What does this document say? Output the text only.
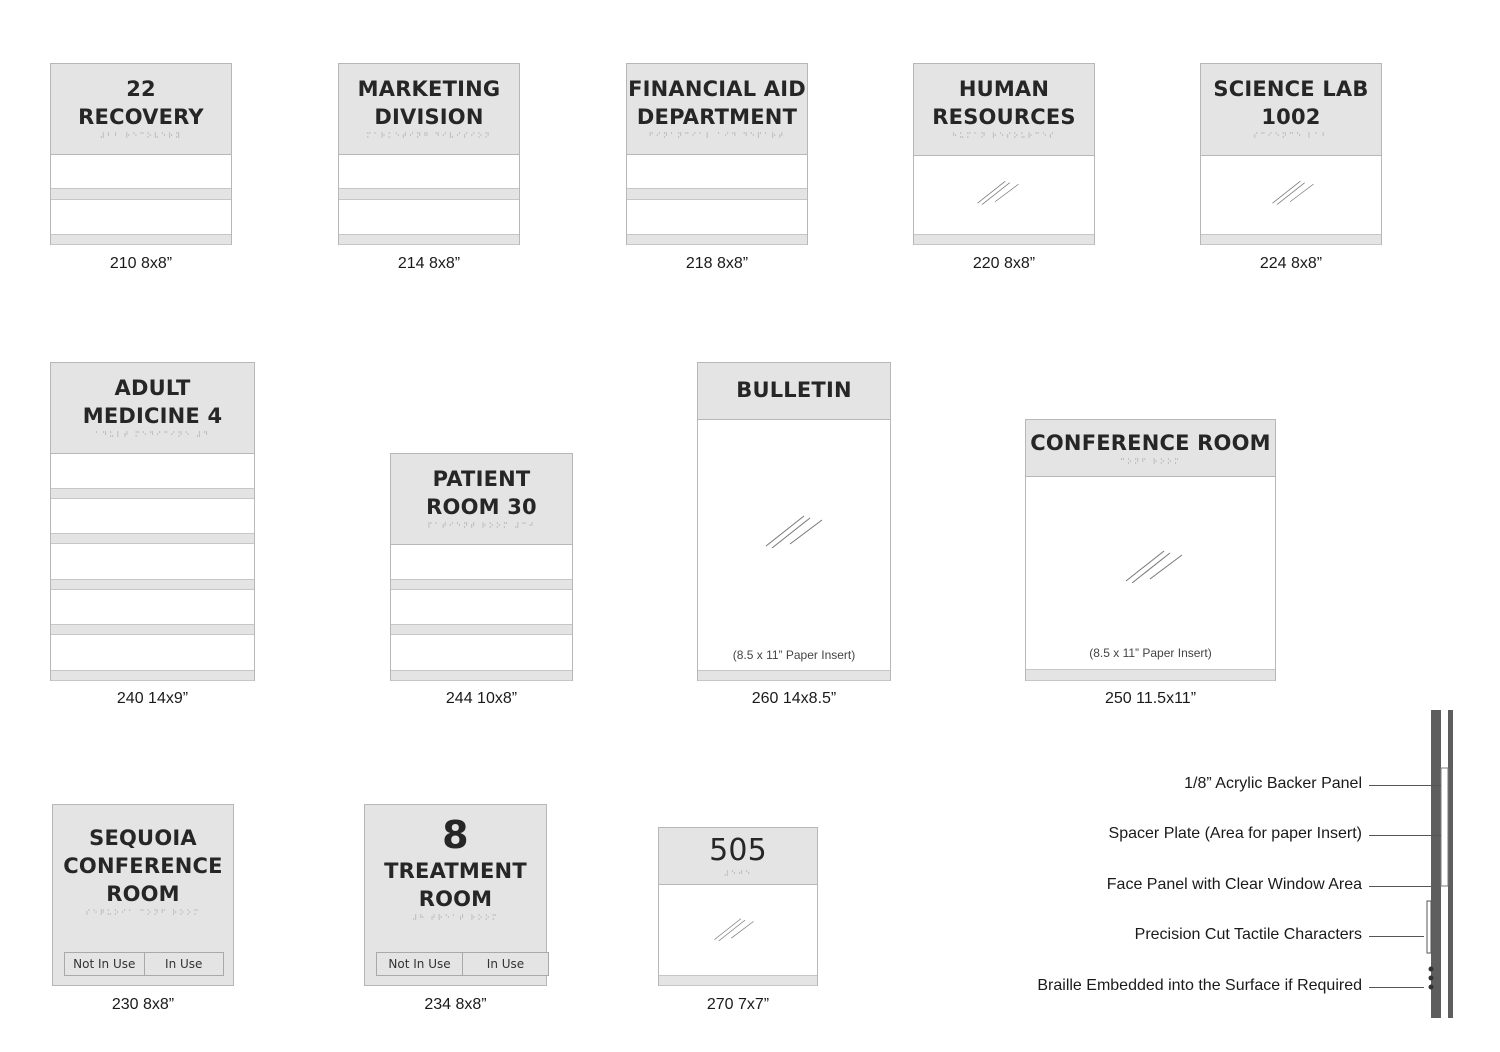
22
RECOVERY
⠼⠃⠃ ⠗⠑⠉⠕⠧⠑⠗⠽
210 8x8”
MARKETING
DIVISION
⠍⠁⠗⠅⠑⠞⠊⠝⠛ ⠙⠊⠧⠊⠎⠊⠕⠝
214 8x8”
FINANCIAL AID
DEPARTMENT
⠋⠊⠝⠁⠝⠉⠊⠁⠇ ⠁⠊⠙ ⠙⠑⠏⠁⠗⠞
218 8x8”
HUMAN
RESOURCES
⠓⠥⠍⠁⠝ ⠗⠑⠎⠕⠥⠗⠉⠑⠎
220 8x8”
SCIENCE LAB
1002
⠎⠉⠊⠑⠝⠉⠑ ⠇⠁⠃
224 8x8”
ADULT
MEDICINE 4
⠁⠙⠥⠇⠞ ⠍⠑⠙⠊⠉⠊⠝⠑ ⠼⠙
240 14x9”
PATIENT
ROOM 30
⠏⠁⠞⠊⠑⠝⠞ ⠗⠕⠕⠍ ⠼⠉⠚
244 10x8”
BULLETIN
(8.5 x 11” Paper Insert)
260 14x8.5”
CONFERENCE ROOM
⠉⠕⠝⠋ ⠗⠕⠕⠍
(8.5 x 11” Paper Insert)
250 11.5x11”
SEQUOIA
CONFERENCE
ROOM
⠎⠑⠟⠥⠕⠊⠁ ⠉⠕⠝⠋ ⠗⠕⠕⠍
Not In Use	In Use
230 8x8”
8
TREATMENT
ROOM
⠼⠓ ⠞⠗⠑⠁⠞ ⠗⠕⠕⠍
Not In Use	In Use
234 8x8”
505
⠼⠑⠚⠑
270 7x7”
1/8” Acrylic Backer Panel
Spacer Plate (Area for paper Insert)
Face Panel with Clear Window Area
Precision Cut Tactile Characters
Braille Embedded into the Surface if Required
